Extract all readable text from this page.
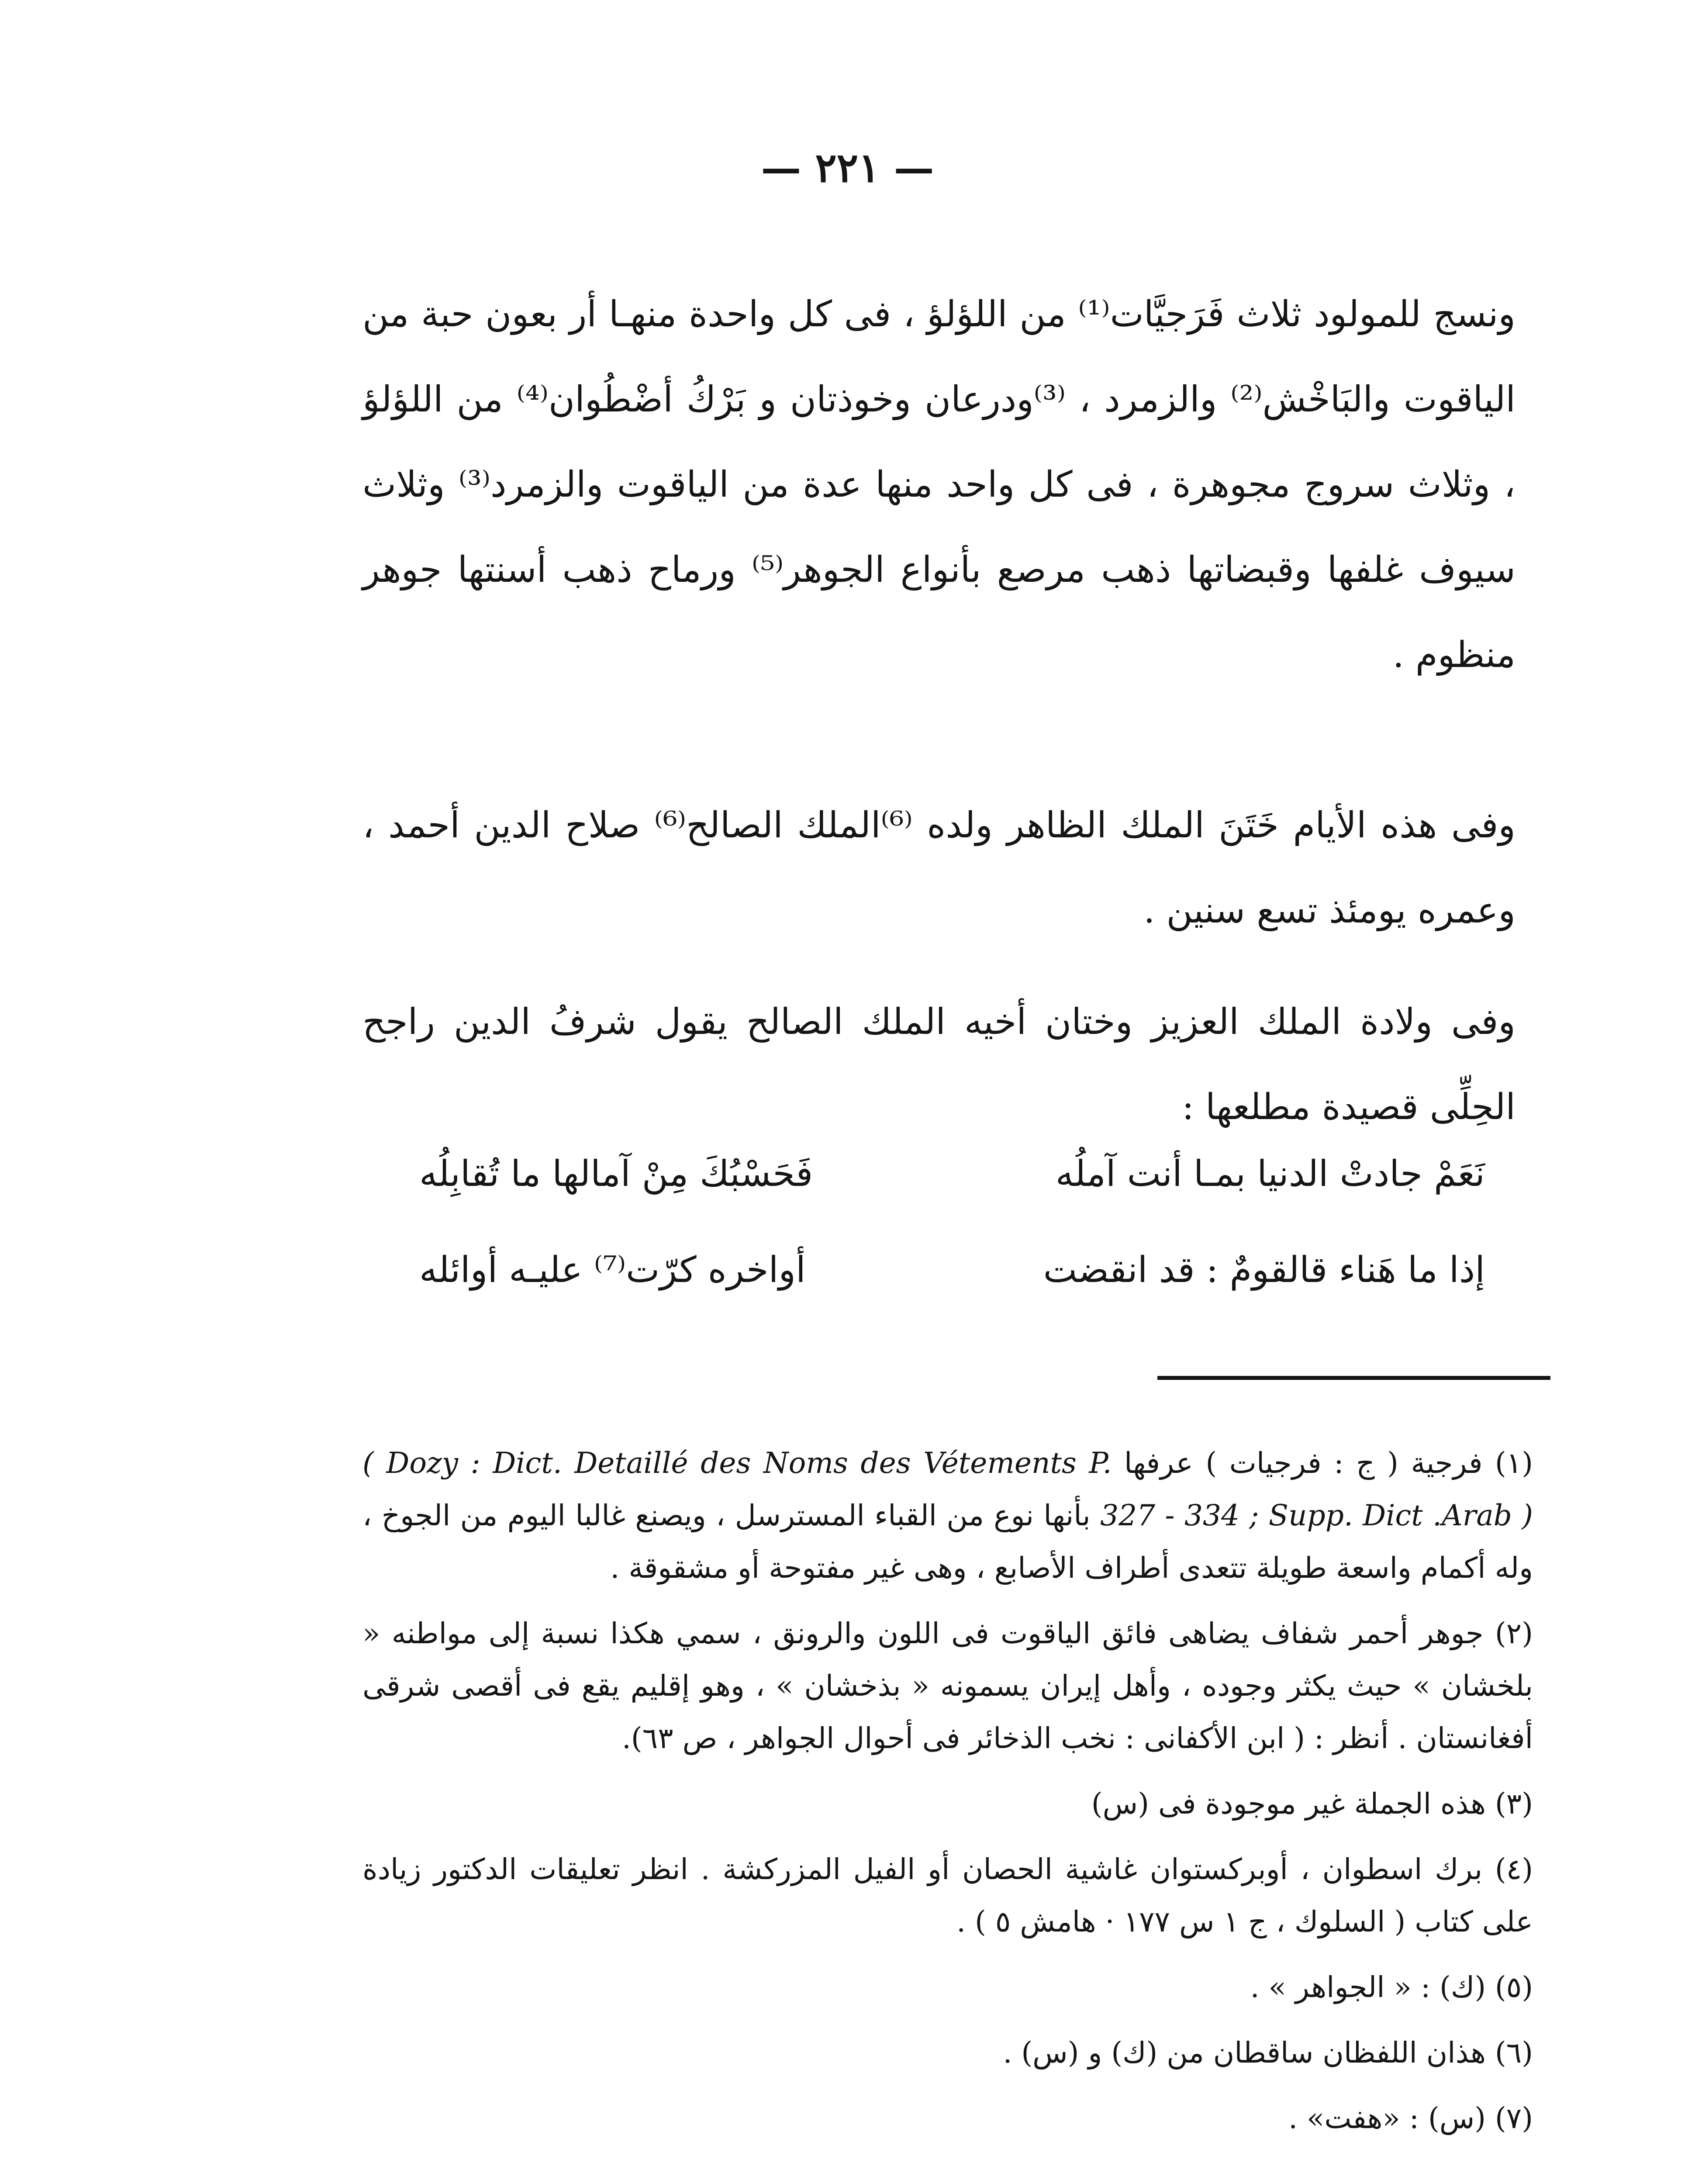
— ٢٢١ —

ونسج للمولود ثلاث فَرَجيَّات⁽¹⁾ من اللؤلؤ ، فى كل واحدة منهـا أر بعون حبة من الياقوت والبَاخْش⁽²⁾ والزمرد ، ⁽³⁾ودرعان وخوذتان و بَرْكُ أضْطُوان⁽⁴⁾ من اللؤلؤ ، وثلاث سروج مجوهرة ، فى كل واحد منها عدة من الياقوت والزمرد⁽³⁾ وثلاث سيوف غلفها وقبضاتها ذهب مرصع بأنواع الجوهر⁽⁵⁾ ورماح ذهب أسنتها جوهر منظوم .

وفى هذه الأيام خَتَنَ الملك الظاهر ولده ⁽⁶⁾الملك الصالح⁽⁶⁾ صلاح الدين أحمد ، وعمره يومئذ تسع سنين .

وفى ولادة الملك العزيز وختان أخيه الملك الصالح يقول شرفُ الدين راجح الحِلِّى قصيدة مطلعها :

نَعَمْ جادتْ الدنيا بمـا أنت آملُه
فَحَسْبُكَ مِنْ آمالها ما تُقابِلُه
إذا ما هَناء قالقومٌ : قد انقضت
أواخره كرّت⁽⁷⁾ عليـه أوائله

(١) فرجية ( ج : فرجيات ) عرفها ( Dozy : Dict. Detaillé des Noms des Vétements P. 327 - 334 ; Supp. Dict .Arab ) بأنها نوع من القباء المسترسل ، ويصنع غالبا اليوم من الجوخ ، وله أكمام واسعة طويلة تتعدى أطراف الأصابع ، وهى غير مفتوحة أو مشقوقة .

(٢) جوهر أحمر شفاف يضاهى فائق الياقوت فى اللون والرونق ، سمي هكذا نسبة إلى مواطنه « بلخشان » حيث يكثر وجوده ، وأهل إيران يسمونه « بذخشان » ، وهو إقليم يقع فى أقصى شرقى أفغانستان . أنظر : ( ابن الأكفانى : نخب الذخائر فى أحوال الجواهر ، ص ٦٣).

(٣) هذه الجملة غير موجودة فى (س)

(٤) برك اسطوان ، أوبركستوان غاشية الحصان أو الفيل المزركشة . انظر تعليقات الدكتور زيادة على كتاب ( السلوك ، ج ١ س ١٧٧ · هامش ٥ ) .

(٥) (ك) : « الجواهر » .

(٦) هذان اللفظان ساقطان من (ك) و (س) .

(٧) (س) : «هفت» .
